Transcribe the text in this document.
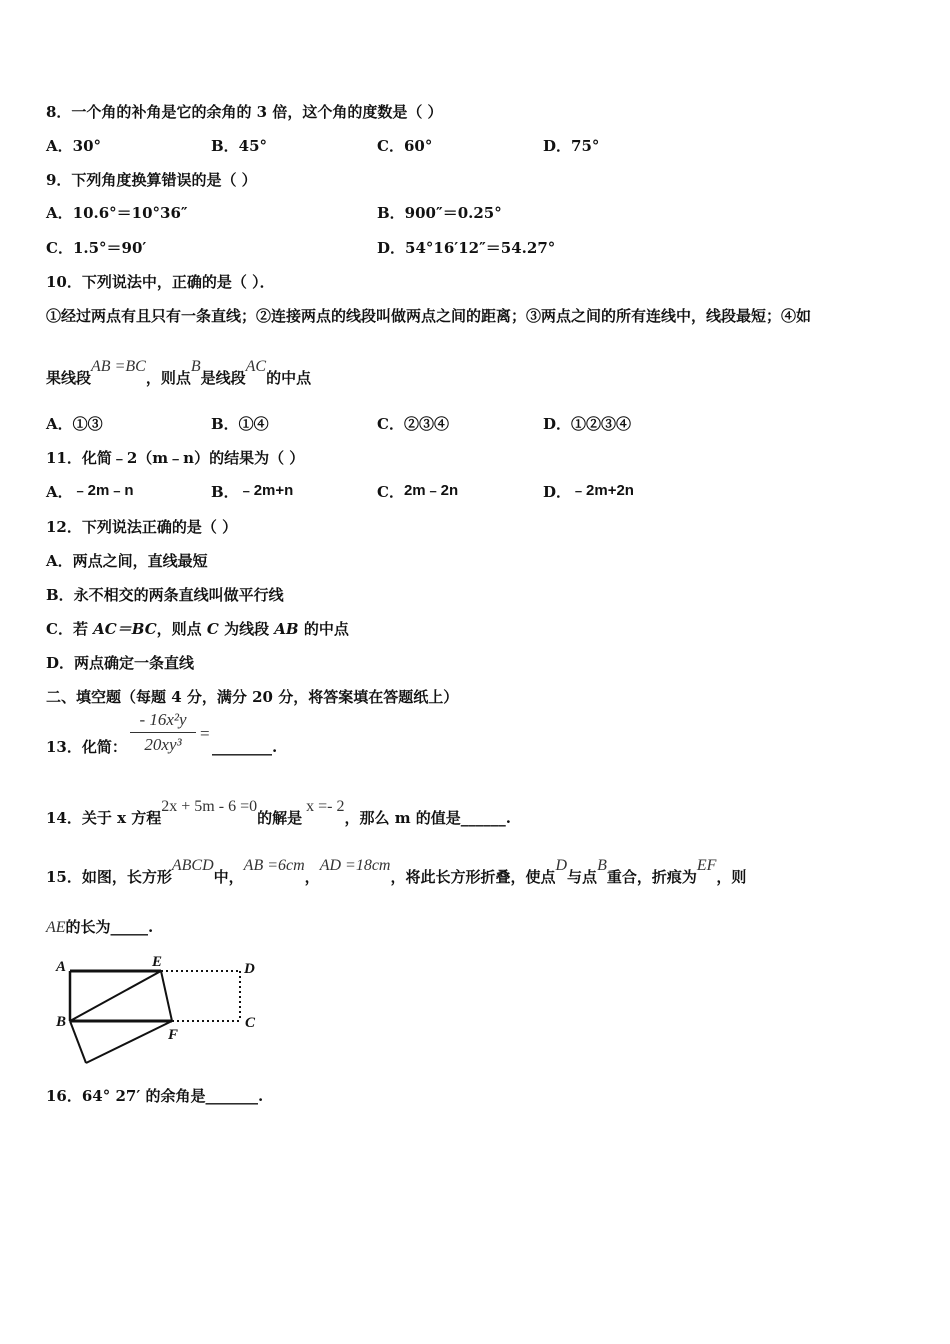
8．一个角的补角是它的余角的 3 倍，这个角的度数是（ ）
A．30°	B．45°	C．60°	D．75°
9．下列角度换算错误的是（ ）
A．10.6°＝10°36″	B．900″＝0.25°
C．1.5°＝90′	D．54°16′12″＝54.27°
10．下列说法中，正确的是（ ）．
①经过两点有且只有一条直线；②连接两点的线段叫做两点之间的距离；③两点之间的所有连线中，线段最短；④如
果线段AB =BC，则点B是线段AC的中点
A．①③	B．①④	C．②③④	D．①②③④
11．化简﹣2（m﹣n）的结果为（ ）
A．﹣2m﹣n	B．﹣2m+n	C．2m﹣2n	D．﹣2m+2n
12．下列说法正确的是（ ）
A．两点之间，直线最短
B．永不相交的两条直线叫做平行线
C．若 AC＝BC，则点 C 为线段 AB 的中点
D．两点确定一条直线
二、填空题（每题 4 分，满分 20 分，将答案填在答题纸上）
13．化简： $\frac{\text{- 16x²y}}{\text{20xy³}}$ =
________.
14．关于 x 方程2x + 5m - 6 =0的解是x =- 2，那么 m 的值是______.
15．如图，长方形ABCD中，AB =6cm，AD =18cm，将此长方形折叠，使点D与点B重合，折痕为EF，则
AE的长为_____.
A	E	D
B
F
C
16．64° 27′ 的余角是_______.
